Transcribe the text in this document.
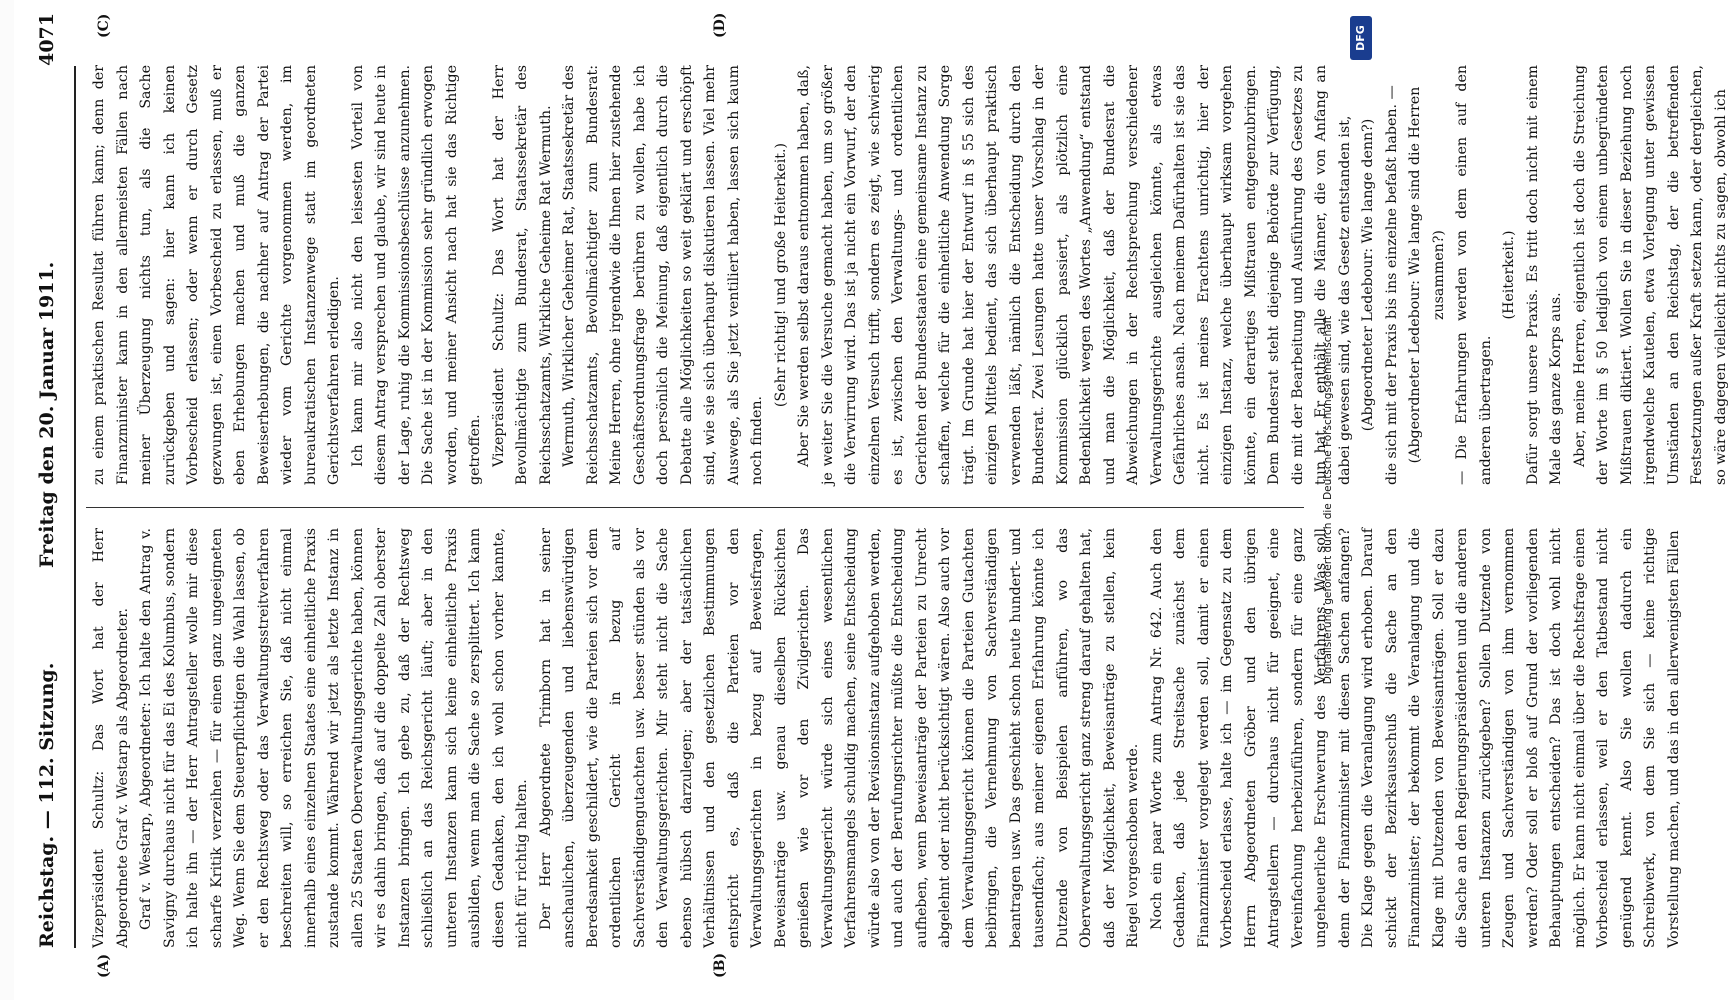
Reichstag. — 112. Sitzung.
Freitag den 20. Januar 1911.
4071
(A)	(B)
(C)	(D)

Vizepräsident Schultz: Das Wort hat der Herr Abgeordnete Graf v. Westarp als Abgeordneter. Graf v. Westarp, Abgeordneter: Ich halte den Antrag v. Savigny durchaus nicht für das Ei des Kolumbus, sondern ich halte ihn — der Herr Antragsteller wolle mir diese scharfe Kritik verzeihen — für einen ganz ungeeigneten Weg. Wenn Sie dem Steuerpflichtigen die Wahl lassen, ob er den Rechtsweg oder das Verwaltungsstreitverfahren beschreiten will, so erreichen Sie, daß nicht einmal innerhalb eines einzelnen Staates eine einheitliche Praxis zustande kommt. Während wir jetzt als letzte Instanz in allen 25 Staaten Oberverwaltungsgerichte haben, können wir es dahin bringen, daß auf die doppelte Zahl oberster Instanzen bringen. Ich gebe zu, daß der Rechtsweg schließlich an das Reichsgericht läuft; aber in den unteren Instanzen kann sich keine einheitliche Praxis ausbilden, wenn man die Sache so zersplittert. Ich kann diesen Gedanken, den ich wohl schon vorher kannte, nicht für richtig halten. Der Herr Abgeordnete Trimborn hat in seiner anschaulichen, überzeugenden und liebenswürdigen Beredsamkeit geschildert, wie die Parteien sich vor dem ordentlichen Gericht in bezug auf Sachverständigengutachten usw. besser stünden als vor den Verwaltungsgerichten. Mir steht nicht die Sache ebenso hübsch darzulegen; aber der tatsächlichen Verhältnissen und den gesetzlichen Bestimmungen entspricht es, daß die Parteien vor den Verwaltungsgerichten in bezug auf Beweisfragen, Beweisanträge usw. genau dieselben Rücksichten genießen wie vor den Zivilgerichten. Das Verwaltungsgericht würde sich eines wesentlichen Verfahrensmangels schuldig machen, seine Entscheidung würde also von der Revisionsinstanz aufgehoben werden, und auch der Berufungsrichter müßte die Entscheidung aufheben, wenn Beweisanträge der Parteien zu Unrecht abgelehnt oder nicht berücksichtigt wären. Also auch vor dem Verwaltungsgericht können die Parteien Gutachten beibringen, die Vernehmung von Sachverständigen beantragen usw. Das geschieht schon heute hundert- und tausendfach; aus meiner eigenen Erfahrung könnte ich Dutzende von Beispielen anführen, wo das Oberverwaltungsgericht ganz streng darauf gehalten hat, daß der Möglichkeit, Beweisanträge zu stellen, kein Riegel vorgeschoben werde. Noch ein paar Worte zum Antrag Nr. 642. Auch den Gedanken, daß jede Streitsache zunächst dem Finanzminister vorgelegt werden soll, damit er einen Vorbescheid erlasse, halte ich — im Gegensatz zu dem Herrn Abgeordneten Gröber und den übrigen Antragstellern — durchaus nicht für geeignet, eine Vereinfachung herbeizuführen, sondern für eine ganz ungeheuerliche Erschwerung des Verfahrens. Was soll denn der Finanzminister mit diesen Sachen anfangen? Die Klage gegen die Veranlagung wird erhoben. Darauf schickt der Bezirksausschuß die Sache an den Finanzminister; der bekommt die Veranlagung und die Klage mit Dutzenden von Beweisanträgen. Soll er dazu die Sache an den Regierungspräsidenten und die anderen unteren Instanzen zurückgeben? Sollen Dutzende von Zeugen und Sachverständigen von ihm vernommen werden? Oder soll er bloß auf Grund der vorliegenden Behauptungen entscheiden? Das ist doch wohl nicht möglich. Er kann nicht einmal über die Rechtsfrage einen Vorbescheid erlassen, weil er den Tatbestand nicht genügend kennt. Also Sie wollen dadurch ein Schreibwerk, von dem Sie sich — keine richtige Vorstellung machen, und das in den allerwenigsten Fällen

zu einem praktischen Resultat führen kann; denn der Finanzminister kann in den allermeisten Fällen nach meiner Überzeugung nichts tun, als die Sache zurückgeben und sagen: hier kann ich keinen Vorbescheid erlassen; oder wenn er durch Gesetz gezwungen ist, einen Vorbescheid zu erlassen, muß er eben Erhebungen machen und muß die ganzen Beweiserhebungen, die nachher auf Antrag der Partei wieder vom Gerichte vorgenommen werden, im bureaukratischen Instanzenwege statt im geordneten Gerichtsverfahren erledigen. Ich kann mir also nicht den leisesten Vorteil von diesem Antrag versprechen und glaube, wir sind heute in der Lage, ruhig die Kommissionsbeschlüsse anzunehmen. Die Sache ist in der Kommission sehr gründlich erwogen worden, und meiner Ansicht nach hat sie das Richtige getroffen. Vizepräsident Schultz: Das Wort hat der Herr Bevollmächtigte zum Bundesrat, Staatssekretär des Reichsschatzamts, Wirkliche Geheime Rat Wermuth. Wermuth, Wirklicher Geheimer Rat, Staatssekretär des Reichsschatzamts, Bevollmächtigter zum Bundesrat: Meine Herren, ohne irgendwie die Ihnen hier zustehende Geschäftsordnungsfrage berühren zu wollen, habe ich doch persönlich die Meinung, daß eigentlich durch die Debatte alle Möglichkeiten so weit geklärt und erschöpft sind, wie sie sich überhaupt diskutieren lassen. Viel mehr Auswege, als Sie jetzt ventiliert haben, lassen sich kaum noch finden.

(Sehr richtig! und große Heiterkeit.) Aber Sie werden selbst daraus entnommen haben, daß, je weiter Sie die Versuche gemacht haben, um so größer die Verwirrung wird. Das ist ja nicht ein Vorwurf, der den einzelnen Versuch trifft, sondern es zeigt, wie schwierig es ist, zwischen den Verwaltungs- und ordentlichen Gerichten der Bundesstaaten eine gemeinsame Instanz zu schaffen, welche für die einheitliche Anwendung Sorge trägt. Im Grunde hat hier der Entwurf in § 55 sich des einzigen Mittels bedient, das sich überhaupt praktisch verwenden läßt, nämlich die Entscheidung durch den Bundesrat. Zwei Lesungen hatte unser Vorschlag in der Kommission glücklich passiert, als plötzlich eine Bedenklichkeit wegen des Wortes „Anwendung“ entstand und man die Möglichkeit, daß der Bundesrat die Abweichungen in der Rechtsprechung verschiedener Verwaltungsgerichte ausgleichen könnte, als etwas Gefährliches ansah. Nach meinem Dafürhalten ist sie das nicht. Es ist meines Erachtens unrichtig, hier der einzigen Instanz, welche überhaupt wirksam vorgehen könnte, ein derartiges Mißtrauen entgegenzubringen. Dem Bundesrat steht diejenige Behörde zur Verfügung, die mit der Bearbeitung und Ausführung des Gesetzes zu tun hat. Er enthält alle die Männer, die von Anfang an dabei gewesen sind, wie das Gesetz entstanden ist, (Abgeordneter Ledebour: Wie lange denn?) die sich mit der Praxis bis ins einzelne befaßt haben. — (Abgeordneter Ledebour: Wie lange sind die Herren zusammen?) — Die Erfahrungen werden von dem einen auf den anderen übertragen.

(Heiterkeit.) Dafür sorgt unsere Praxis. Es tritt doch nicht mit einem Male das ganze Korps aus. Aber, meine Herren, eigentlich ist doch die Streichung der Worte im § 50 lediglich von einem unbegründeten Mißtrauen diktiert. Wollen Sie in dieser Beziehung noch irgendwelche Kautelen, etwa Vorlegung unter gewissen Umständen an den Reichstag, der die betreffenden Festsetzungen außer Kraft setzen kann, oder dergleichen, so wäre dagegen vielleicht nichts zu sagen, obwohl ich

Digitalisierung gefördert durch die Deutsche Forschungsgemeinschaft
DFG
